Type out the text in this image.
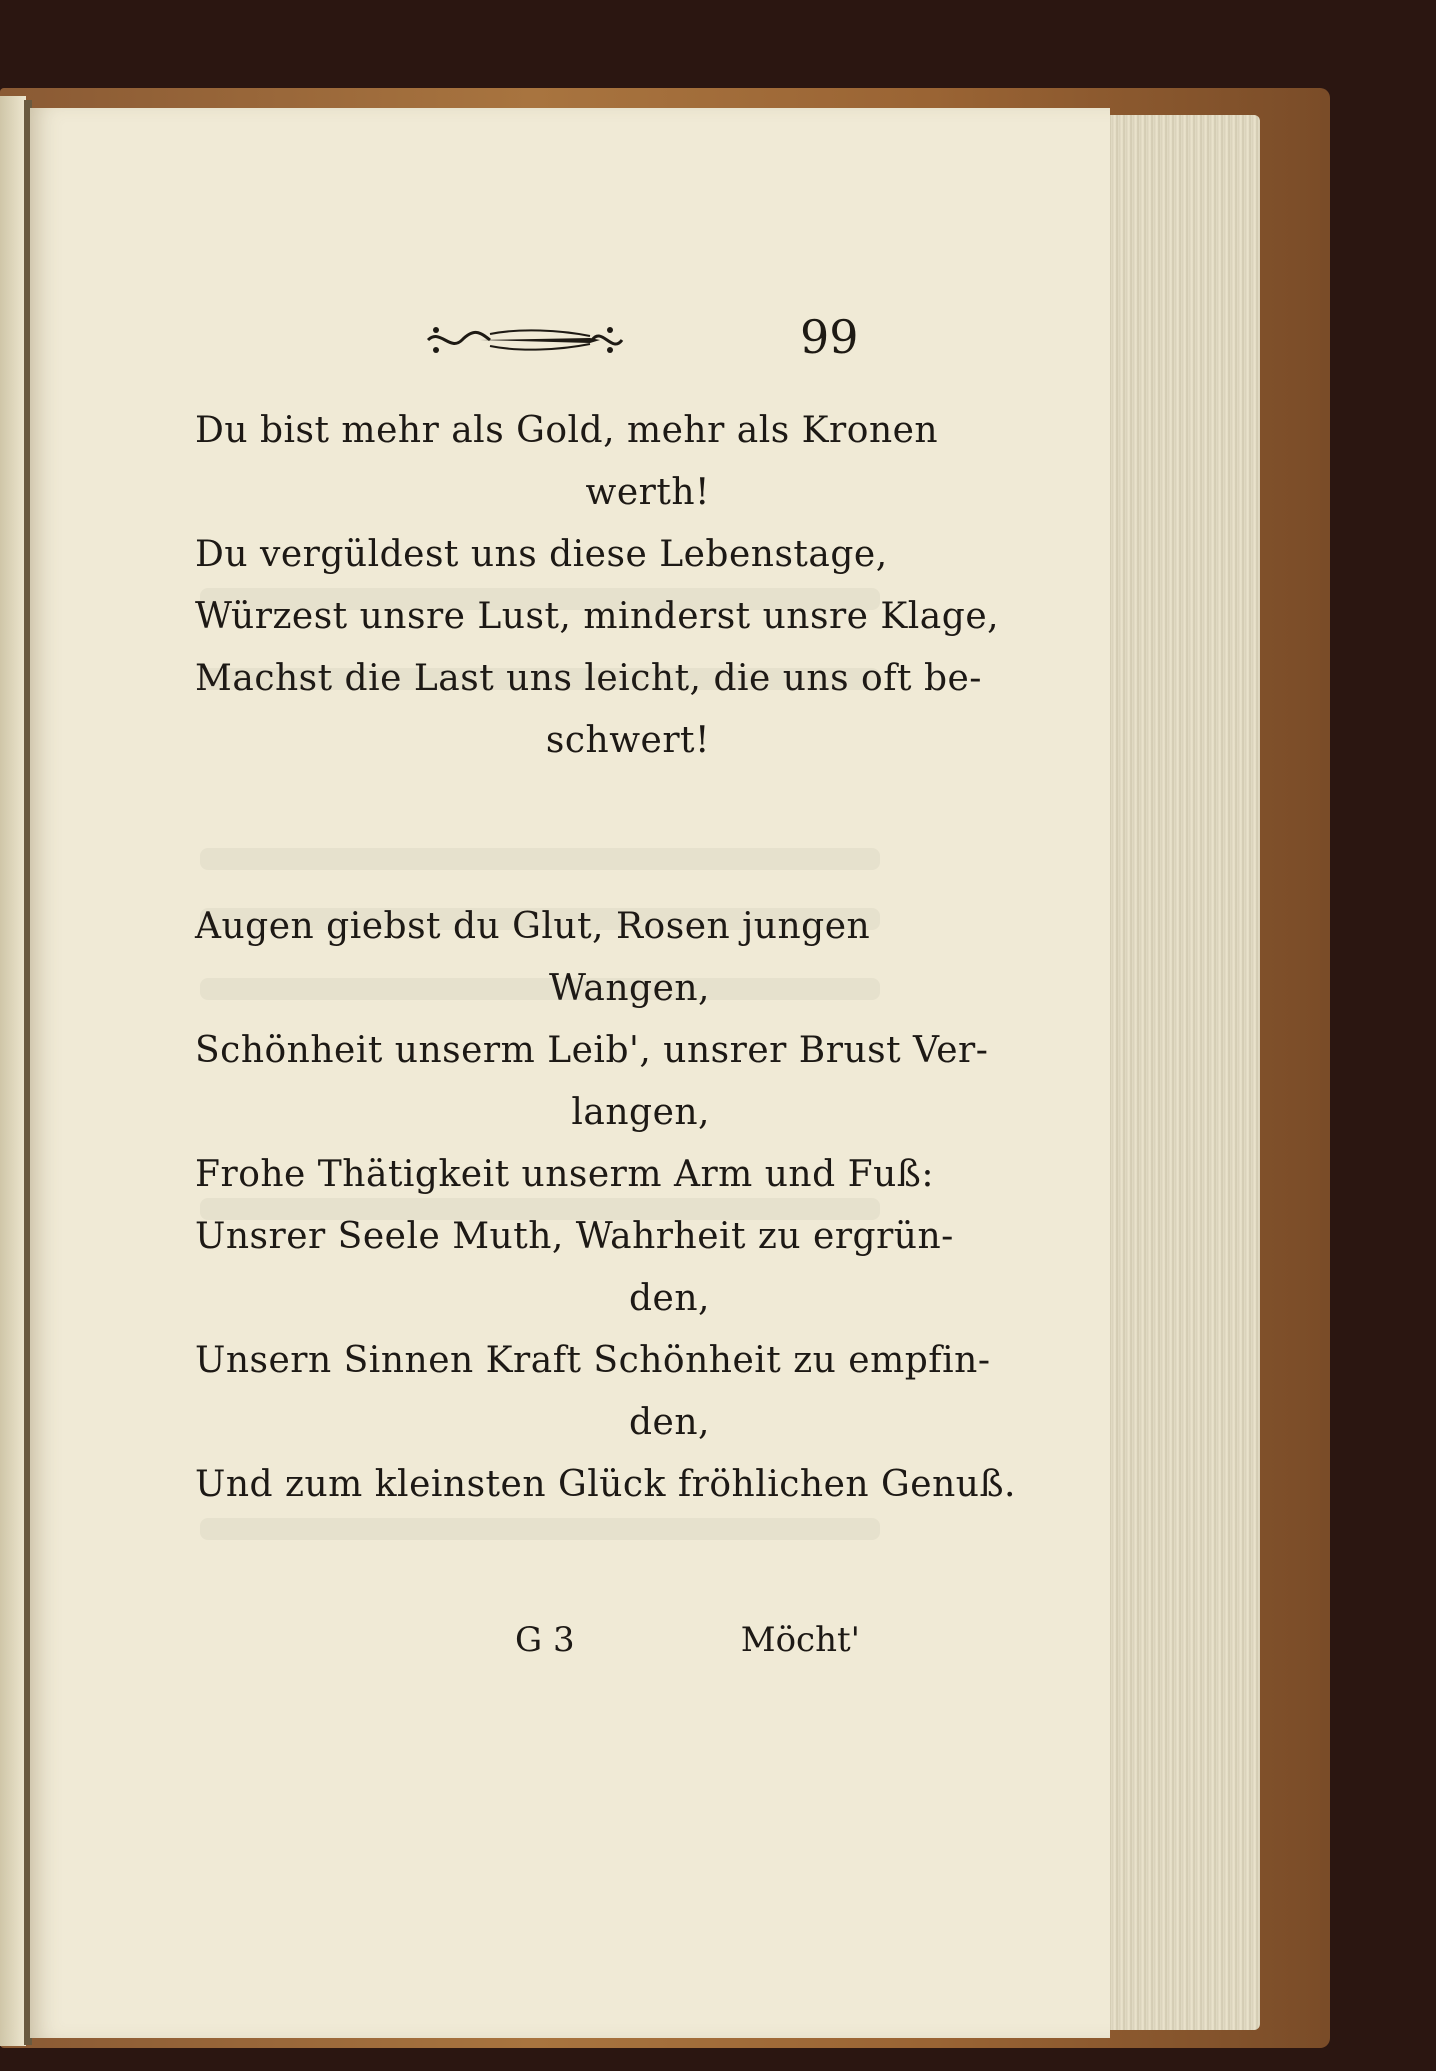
99
Du bist mehr als Gold, mehr als Kronen
werth!
Du vergüldest uns diese Lebenstage,
Würzest unsre Lust, minderst unsre Klage,
Machst die Last uns leicht, die uns oft be-
schwert!
Augen giebst du Glut, Rosen jungen
Wangen,
Schönheit unserm Leib', unsrer Brust Ver-
langen,
Frohe Thätigkeit unserm Arm und Fuß:
Unsrer Seele Muth, Wahrheit zu ergrün-
den,
Unsern Sinnen Kraft Schönheit zu empfin-
den,
Und zum kleinsten Glück fröhlichen Genuß.
G 3	Möcht'
